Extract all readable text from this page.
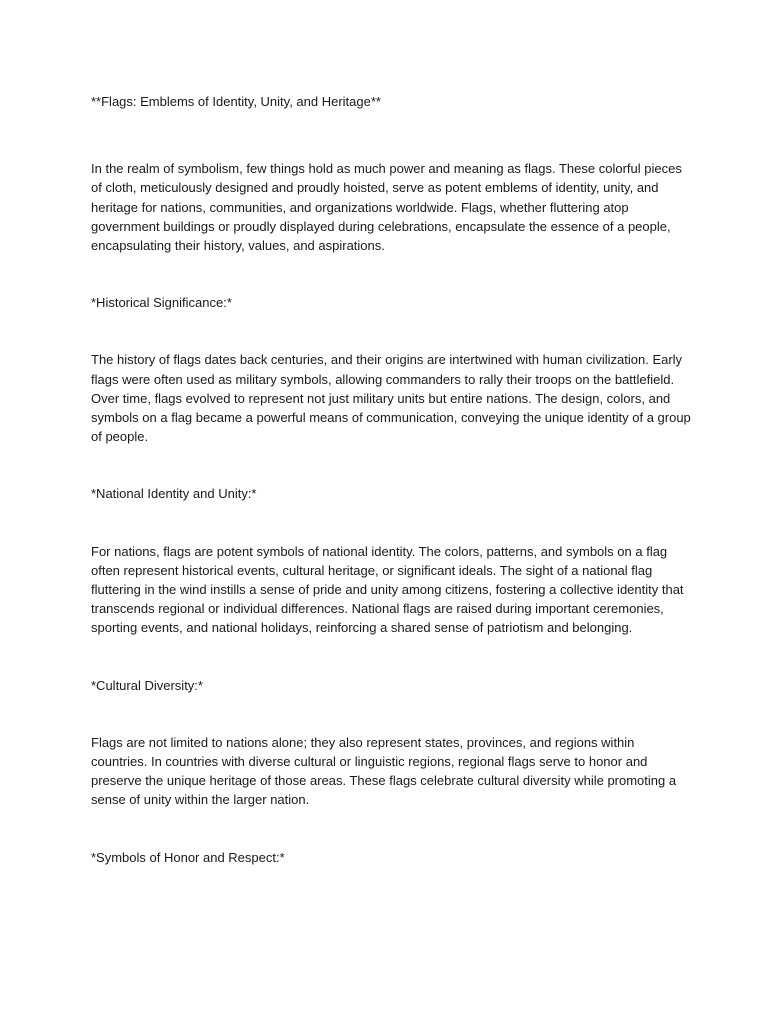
**Flags: Emblems of Identity, Unity, and Heritage**

In the realm of symbolism, few things hold as much power and meaning as flags. These colorful pieces of cloth, meticulously designed and proudly hoisted, serve as potent emblems of identity, unity, and heritage for nations, communities, and organizations worldwide. Flags, whether fluttering atop government buildings or proudly displayed during celebrations, encapsulate the essence of a people, encapsulating their history, values, and aspirations.

*Historical Significance:*

The history of flags dates back centuries, and their origins are intertwined with human civilization. Early flags were often used as military symbols, allowing commanders to rally their troops on the battlefield. Over time, flags evolved to represent not just military units but entire nations. The design, colors, and symbols on a flag became a powerful means of communication, conveying the unique identity of a group of people.

*National Identity and Unity:*

For nations, flags are potent symbols of national identity. The colors, patterns, and symbols on a flag often represent historical events, cultural heritage, or significant ideals. The sight of a national flag fluttering in the wind instills a sense of pride and unity among citizens, fostering a collective identity that transcends regional or individual differences. National flags are raised during important ceremonies, sporting events, and national holidays, reinforcing a shared sense of patriotism and belonging.

*Cultural Diversity:*

Flags are not limited to nations alone; they also represent states, provinces, and regions within countries. In countries with diverse cultural or linguistic regions, regional flags serve to honor and preserve the unique heritage of those areas. These flags celebrate cultural diversity while promoting a sense of unity within the larger nation.

*Symbols of Honor and Respect:*
